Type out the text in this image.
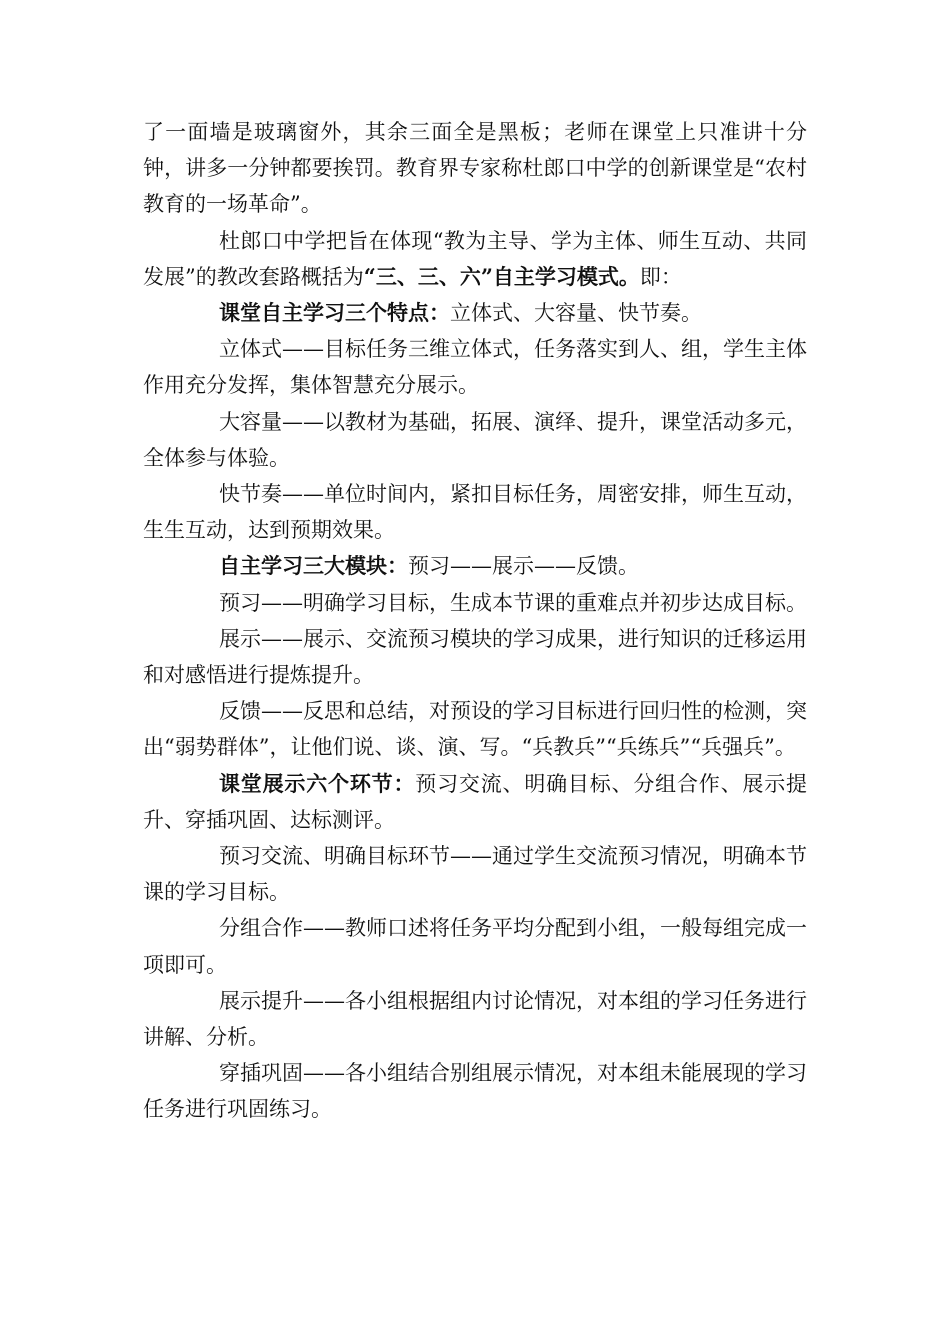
了一面墙是玻璃窗外，其余三面全是黑板；老师在课堂上只准讲十分钟，讲多一分钟都要挨罚。教育界专家称杜郎口中学的创新课堂是“农村教育的一场革命”。

杜郎口中学把旨在体现“教为主导、学为主体、师生互动、共同发展”的教改套路概括为“三、三、六”自主学习模式。即：

课堂自主学习三个特点：立体式、大容量、快节奏。

立体式——目标任务三维立体式，任务落实到人、组，学生主体作用充分发挥，集体智慧充分展示。

大容量——以教材为基础，拓展、演绎、提升，课堂活动多元，全体参与体验。

快节奏——单位时间内，紧扣目标任务，周密安排，师生互动，生生互动，达到预期效果。

自主学习三大模块：预习——展示——反馈。

预习——明确学习目标，生成本节课的重难点并初步达成目标。

展示——展示、交流预习模块的学习成果，进行知识的迁移运用和对感悟进行提炼提升。

反馈——反思和总结，对预设的学习目标进行回归性的检测，突出“弱势群体”，让他们说、谈、演、写。“兵教兵”“兵练兵”“兵强兵”。

课堂展示六个环节：预习交流、明确目标、分组合作、展示提升、穿插巩固、达标测评。

预习交流、明确目标环节——通过学生交流预习情况，明确本节课的学习目标。

分组合作——教师口述将任务平均分配到小组，一般每组完成一项即可。

展示提升——各小组根据组内讨论情况，对本组的学习任务进行讲解、分析。

穿插巩固——各小组结合别组展示情况，对本组未能展现的学习任务进行巩固练习。
